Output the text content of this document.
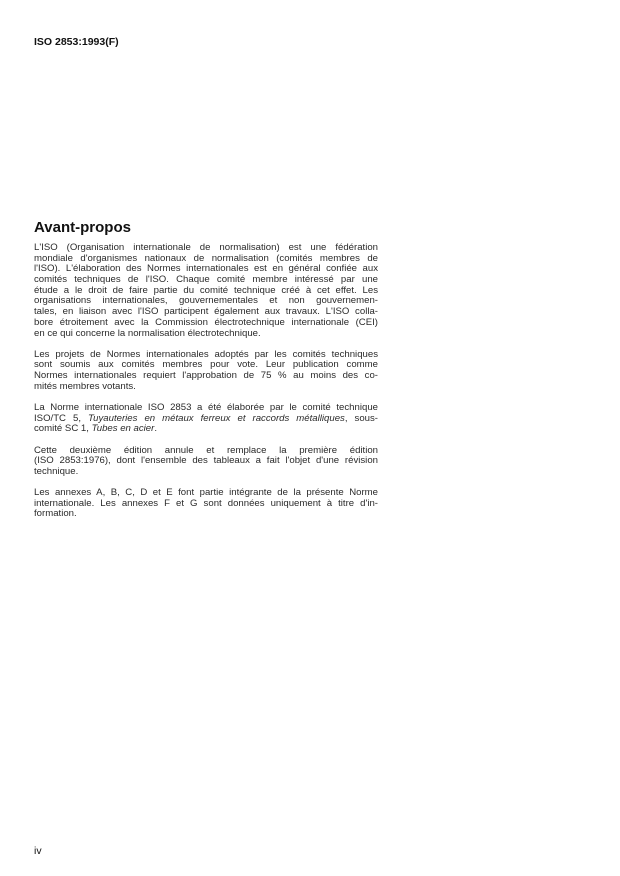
ISO 2853:1993(F)
Avant-propos
L'ISO (Organisation internationale de normalisation) est une fédération
mondiale d'organismes nationaux de normalisation (comités membres de
l'ISO). L'élaboration des Normes internationales est en général confiée aux
comités techniques de l'ISO. Chaque comité membre intéressé par une
étude a le droit de faire partie du comité technique créé à cet effet. Les
organisations internationales, gouvernementales et non gouvernemen-
tales, en liaison avec l'ISO participent également aux travaux. L'ISO colla-
bore étroitement avec la Commission électrotechnique internationale (CEI)
en ce qui concerne la normalisation électrotechnique.
Les projets de Normes internationales adoptés par les comités techniques
sont soumis aux comités membres pour vote. Leur publication comme
Normes internationales requiert l'approbation de 75 % au moins des co-
mités membres votants.
La Norme internationale ISO 2853 a été élaborée par le comité technique
ISO/TC 5, Tuyauteries en métaux ferreux et raccords métalliques, sous-
comité SC 1, Tubes en acier.
Cette deuxième édition annule et remplace la première édition
(ISO 2853:1976), dont l'ensemble des tableaux a fait l'objet d'une révision
technique.
Les annexes A, B, C, D et E font partie intégrante de la présente Norme
internationale. Les annexes F et G sont données uniquement à titre d'in-
formation.
iv
